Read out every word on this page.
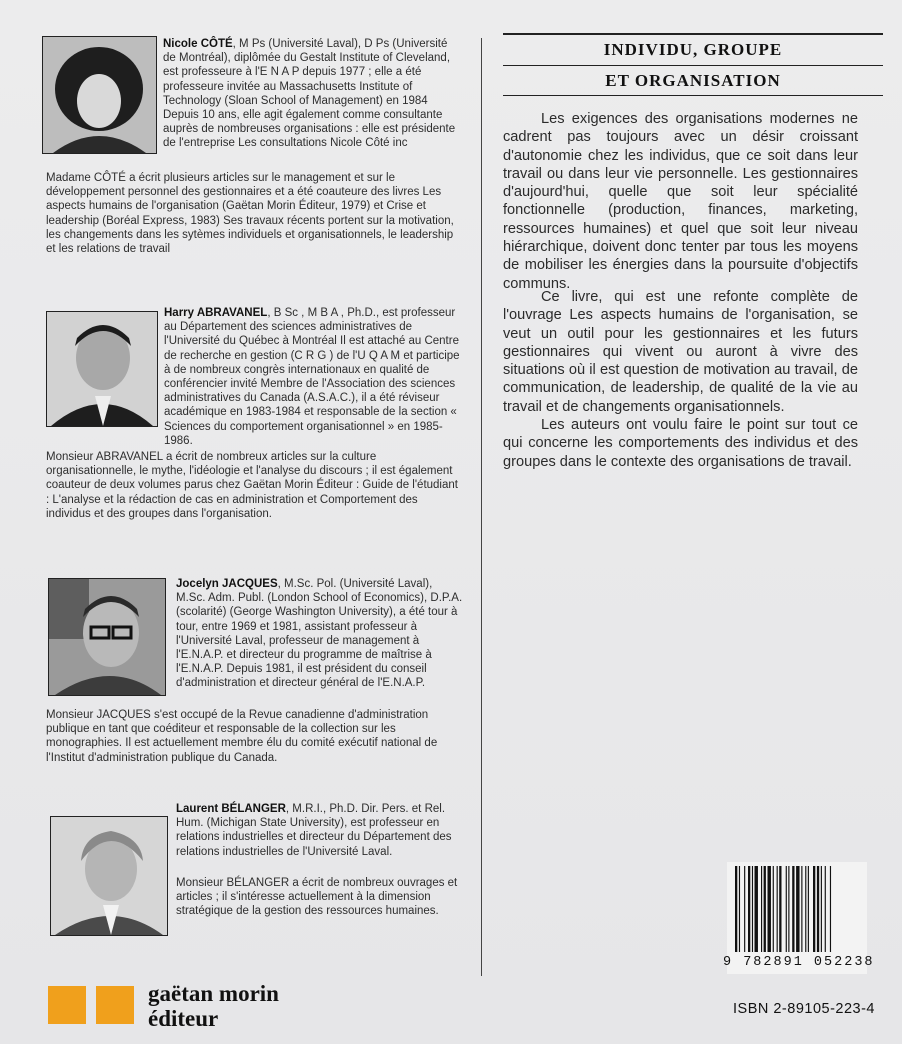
Nicole CÔTÉ, M Ps (Université Laval), D Ps (Université de Montréal), diplômée du Gestalt Institute of Cleveland, est professeure à l'E N A P depuis 1977 ; elle a été professeure invitée au Massachusetts Institute of Technology (Sloan School of Management) en 1984 Depuis 10 ans, elle agit également comme consultante auprès de nombreuses organisations : elle est présidente de l'entreprise Les consultations Nicole Côté inc

Madame CÔTÉ a écrit plusieurs articles sur le management et sur le développement personnel des gestionnaires et a été coauteure des livres Les aspects humains de l'organisation (Gaëtan Morin Éditeur, 1979) et Crise et leadership (Boréal Express, 1983) Ses travaux récents portent sur la motivation, les changements dans les sytèmes individuels et organisationnels, le leadership et les relations de travail

Harry ABRAVANEL, B Sc , M B A , Ph.D., est professeur au Département des sciences administratives de l'Université du Québec à Montréal Il est attaché au Centre de recherche en gestion (C R G ) de l'U Q A M et participe à de nombreux congrès internationaux en qualité de conférencier invité Membre de l'Association des sciences administratives du Canada (A.S.A.C.), il a été réviseur académique en 1983-1984 et responsable de la section « Sciences du comportement organisationnel » en 1985-1986.

Monsieur ABRAVANEL a écrit de nombreux articles sur la culture organisationnelle, le mythe, l'idéologie et l'analyse du discours ; il est également coauteur de deux volumes parus chez Gaëtan Morin Éditeur : Guide de l'étudiant : L'analyse et la rédaction de cas en administration et Comportement des individus et des groupes dans l'organisation.

Jocelyn JACQUES, M.Sc. Pol. (Université Laval), M.Sc. Adm. Publ. (London School of Economics), D.P.A. (scolarité) (George Washington University), a été tour à tour, entre 1969 et 1981, assistant professeur à l'Université Laval, professeur de management à l'E.N.A.P. et directeur du programme de maîtrise à l'E.N.A.P. Depuis 1981, il est président du conseil d'administration et directeur général de l'E.N.A.P.

Monsieur JACQUES s'est occupé de la Revue canadienne d'administration publique en tant que coéditeur et responsable de la collection sur les monographies. Il est actuellement membre élu du comité exécutif national de l'Institut d'administration publique du Canada.

Laurent BÉLANGER, M.R.I., Ph.D. Dir. Pers. et Rel. Hum. (Michigan State University), est professeur en relations industrielles et directeur du Département des relations industrielles de l'Université Laval.

Monsieur BÉLANGER a écrit de nombreux ouvrages et articles ; il s'intéresse actuellement à la dimension stratégique de la gestion des ressources humaines.

INDIVIDU, GROUPE
ET ORGANISATION

Les exigences des organisations modernes ne cadrent pas toujours avec un désir croissant d'autonomie chez les individus, que ce soit dans leur travail ou dans leur vie personnelle. Les gestionnaires d'aujourd'hui, quelle que soit leur spécialité fonctionnelle (production, finances, marketing, ressources humaines) et quel que soit leur niveau hiérarchique, doivent donc tenter par tous les moyens de mobiliser les énergies dans la poursuite d'objectifs communs.

Ce livre, qui est une refonte complète de l'ouvrage Les aspects humains de l'organisation, se veut un outil pour les gestionnaires et les futurs gestionnaires qui vivent ou auront à vivre des situations où il est question de motivation au travail, de communication, de leadership, de qualité de la vie au travail et de changements organisationnels.

Les auteurs ont voulu faire le point sur tout ce qui concerne les comportements des individus et des groupes dans le contexte des organisations de travail.

gaëtan morin
éditeur
9 782891 052238
ISBN 2-89105-223-4
